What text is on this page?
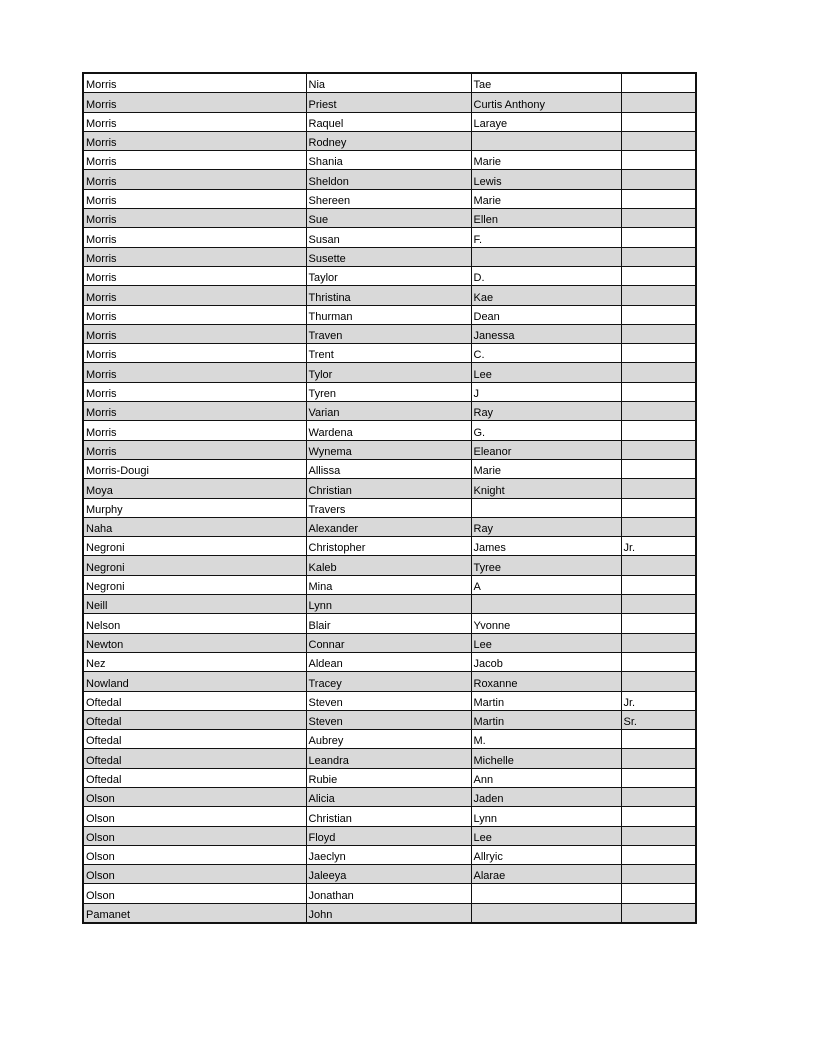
Morris	Nia	Tae	
Morris	Priest	Curtis Anthony	
Morris	Raquel	Laraye	
Morris	Rodney		
Morris	Shania	Marie	
Morris	Sheldon	Lewis	
Morris	Shereen	Marie	
Morris	Sue	Ellen	
Morris	Susan	F.	
Morris	Susette		
Morris	Taylor	D.	
Morris	Thristina	Kae	
Morris	Thurman	Dean	
Morris	Traven	Janessa	
Morris	Trent	C.	
Morris	Tylor	Lee	
Morris	Tyren	J	
Morris	Varian	Ray	
Morris	Wardena	G.	
Morris	Wynema	Eleanor	
Morris-Dougi	Allissa	Marie	
Moya	Christian	Knight	
Murphy	Travers		
Naha	Alexander	Ray	
Negroni	Christopher	James	Jr.
Negroni	Kaleb	Tyree	
Negroni	Mina	A	
Neill	Lynn		
Nelson	Blair	Yvonne	
Newton	Connar	Lee	
Nez	Aldean	Jacob	
Nowland	Tracey	Roxanne	
Oftedal	Steven	Martin	Jr.
Oftedal	Steven	Martin	Sr.
Oftedal	Aubrey	M.	
Oftedal	Leandra	Michelle	
Oftedal	Rubie	Ann	
Olson	Alicia	Jaden	
Olson	Christian	Lynn	
Olson	Floyd	Lee	
Olson	Jaeclyn	Allryic	
Olson	Jaleeya	Alarae	
Olson	Jonathan		
Pamanet	John		
